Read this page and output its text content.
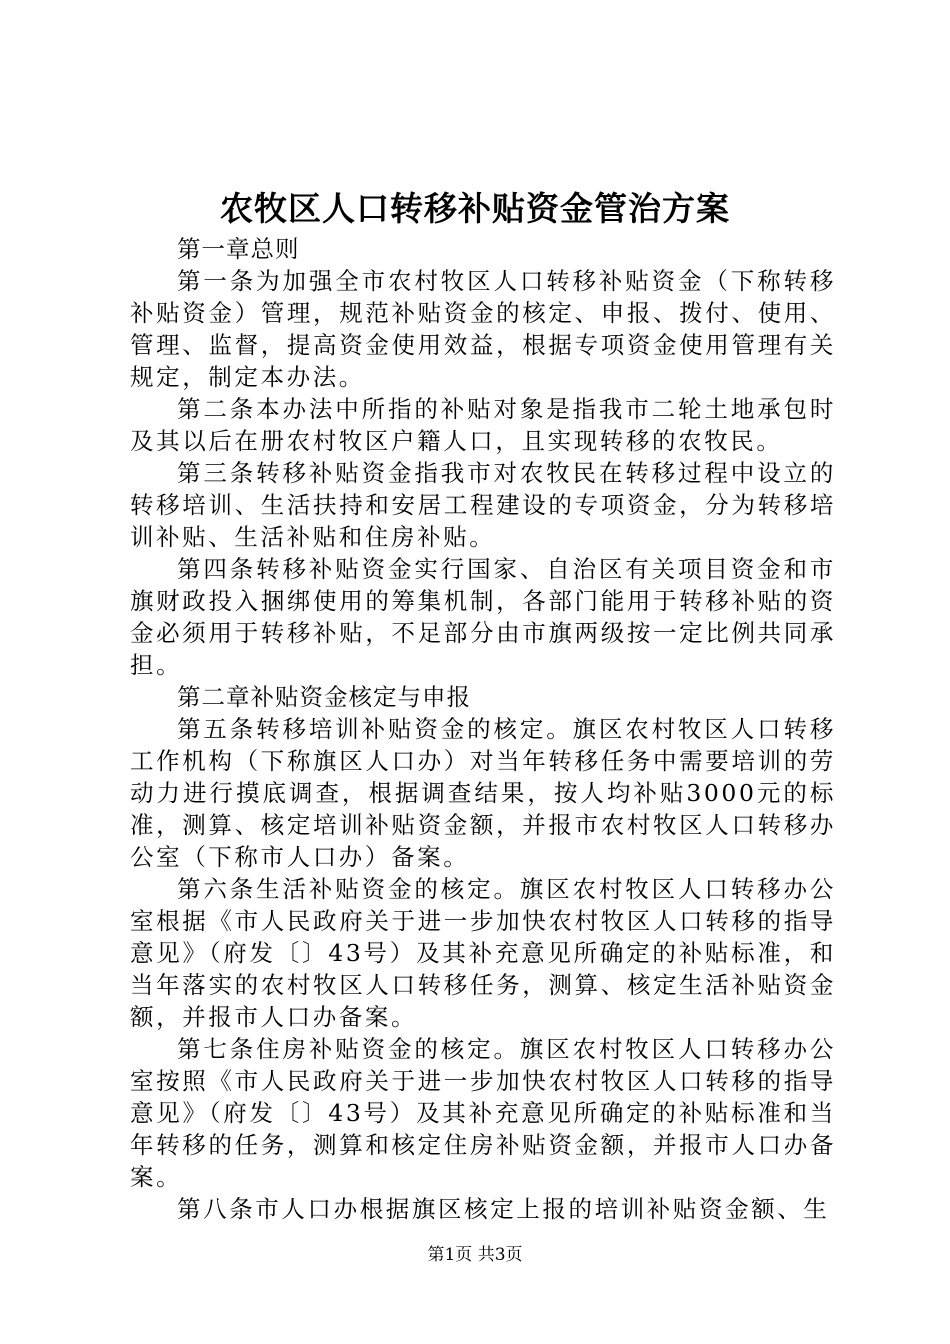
农牧区人口转移补贴资金管治方案

第一章总则

第一条为加强全市农村牧区人口转移补贴资金（下称转移补贴资金）管理，规范补贴资金的核定、申报、拨付、使用、管理、监督，提高资金使用效益，根据专项资金使用管理有关规定，制定本办法。

第二条本办法中所指的补贴对象是指我市二轮土地承包时及其以后在册农村牧区户籍人口，且实现转移的农牧民。

第三条转移补贴资金指我市对农牧民在转移过程中设立的转移培训、生活扶持和安居工程建设的专项资金，分为转移培训补贴、生活补贴和住房补贴。

第四条转移补贴资金实行国家、自治区有关项目资金和市旗财政投入捆绑使用的筹集机制，各部门能用于转移补贴的资金必须用于转移补贴，不足部分由市旗两级按一定比例共同承担。

第二章补贴资金核定与申报

第五条转移培训补贴资金的核定。旗区农村牧区人口转移工作机构（下称旗区人口办）对当年转移任务中需要培训的劳动力进行摸底调查，根据调查结果，按人均补贴3000元的标准，测算、核定培训补贴资金额，并报市农村牧区人口转移办公室（下称市人口办）备案。

第六条生活补贴资金的核定。旗区农村牧区人口转移办公室根据《市人民政府关于进一步加快农村牧区人口转移的指导意见》（府发〔〕43号）及其补充意见所确定的补贴标准，和当年落实的农村牧区人口转移任务，测算、核定生活补贴资金额，并报市人口办备案。

第七条住房补贴资金的核定。旗区农村牧区人口转移办公室按照《市人民政府关于进一步加快农村牧区人口转移的指导意见》（府发〔〕43号）及其补充意见所确定的补贴标准和当年转移的任务，测算和核定住房补贴资金额，并报市人口办备案。

第八条市人口办根据旗区核定上报的培训补贴资金额、生

第1页 共3页
